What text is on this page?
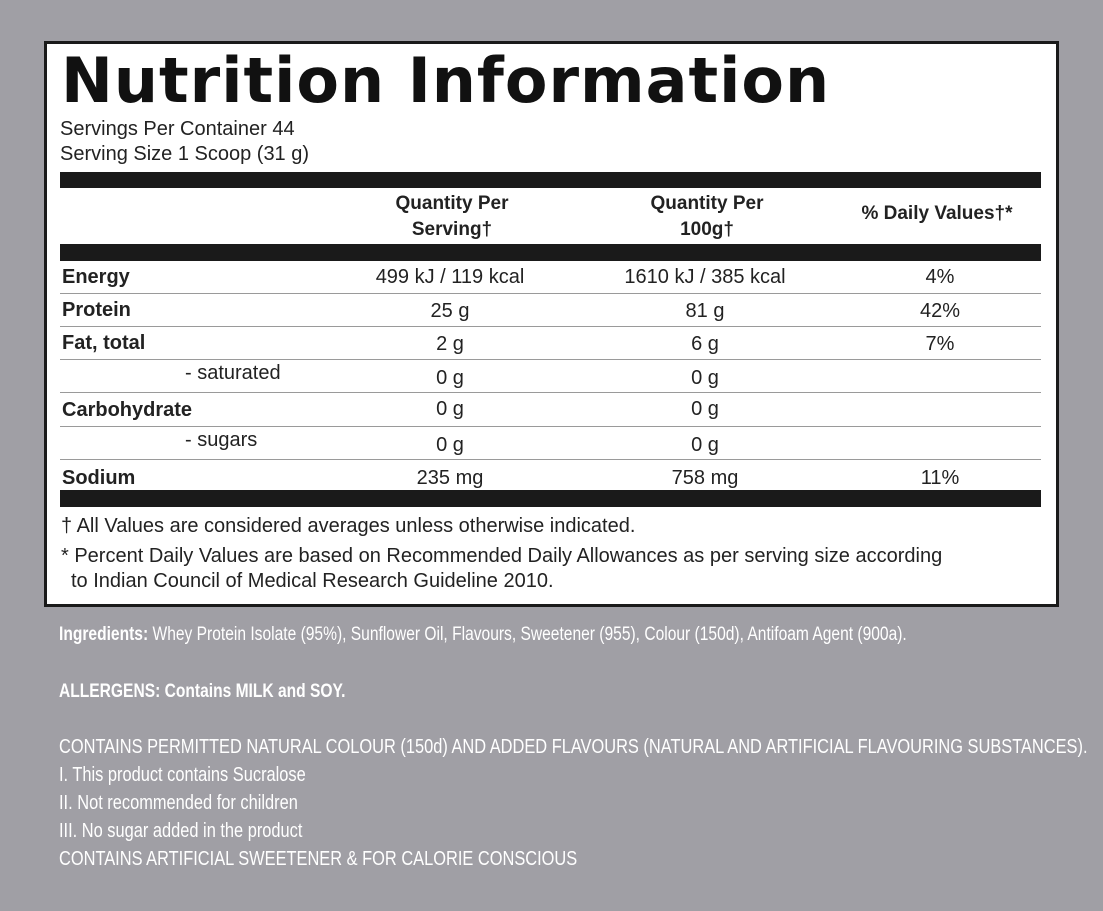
Nutrition Information
Servings Per Container 44
Serving Size 1 Scoop (31 g)
Quantity Per
Serving†
Quantity Per
100g†
% Daily Values†*
Energy	499 kJ / 119 kcal	1610 kJ / 385 kcal	4%
Protein	25 g	81 g	42%
Fat, total	2 g	6 g	7%
- saturated	0 g	0 g
Carbohydrate	0 g	0 g
- sugars	0 g	0 g
Sodium	235 mg	758 mg	11%
† All Values are considered averages unless otherwise indicated.
* Percent Daily Values are based on Recommended Daily Allowances as per serving size according
to Indian Council of Medical Research Guideline 2010.
Ingredients: Whey Protein Isolate (95%), Sunflower Oil, Flavours, Sweetener (955), Colour (150d), Antifoam Agent (900a).
ALLERGENS: Contains MILK and SOY.
CONTAINS PERMITTED NATURAL COLOUR (150d) AND ADDED FLAVOURS (NATURAL AND ARTIFICIAL FLAVOURING SUBSTANCES).
I. This product contains Sucralose
II. Not recommended for children
III. No sugar added in the product
CONTAINS ARTIFICIAL SWEETENER & FOR CALORIE CONSCIOUS
